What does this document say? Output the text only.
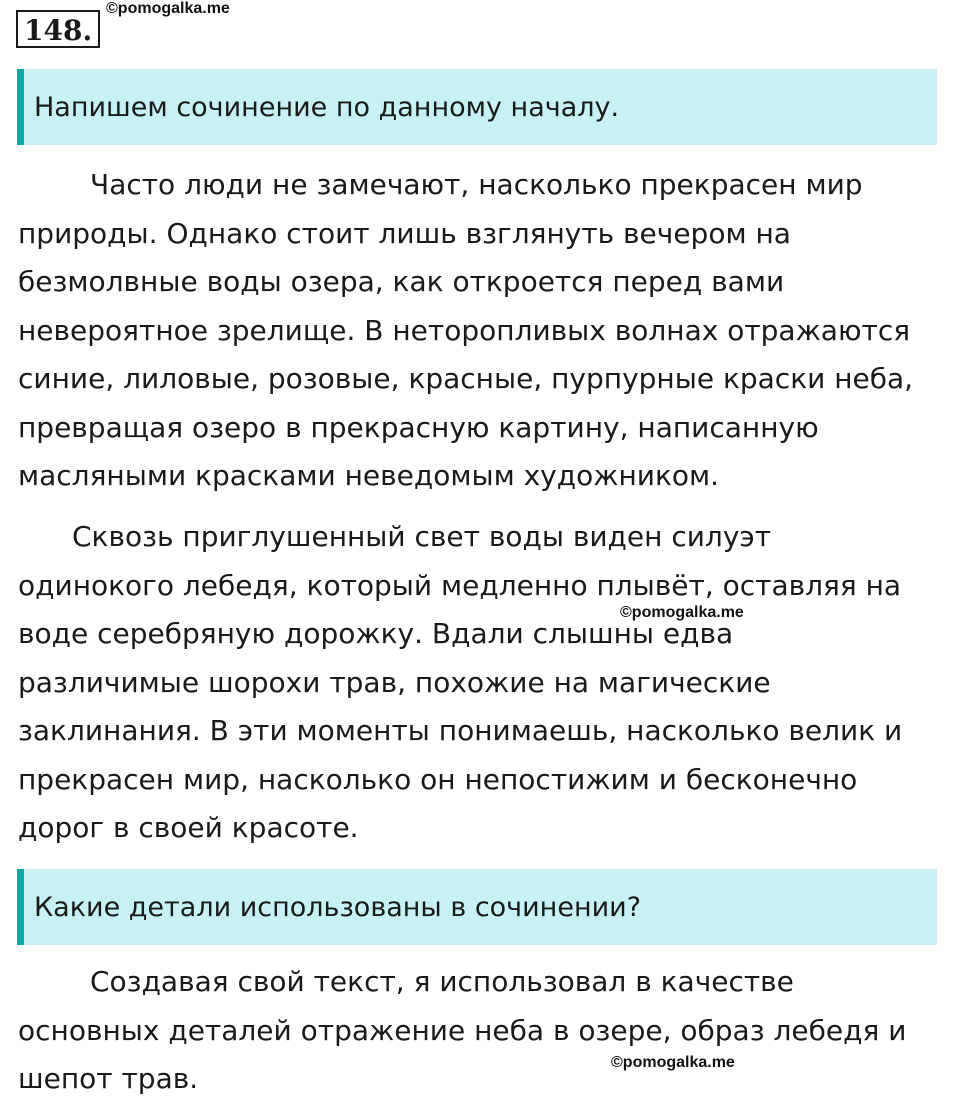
148.
©pomogalka.me
Напишем сочинение по данному началу.

Часто люди не замечают, насколько прекрасен мир
природы. Однако стоит лишь взглянуть вечером на
безмолвные воды озера, как откроется перед вами
невероятное зрелище. В неторопливых волнах отражаются
синие, лиловые, розовые, красные, пурпурные краски неба,
превращая озеро в прекрасную картину, написанную
масляными красками неведомым художником.

Сквозь приглушенный свет воды виден силуэт
одинокого лебедя, который медленно плывёт, оставляя на
воде серебряную дорожку. Вдали слышны едва
различимые шорохи трав, похожие на магические
заклинания. В эти моменты понимаешь, насколько велик и
прекрасен мир, насколько он непостижим и бесконечно
дорог в своей красоте.

©pomogalka.me
Какие детали использованы в сочинении?

Создавая свой текст, я использовал в качестве
основных деталей отражение неба в озере, образ лебедя и
шепот трав.	©pomogalka.me
